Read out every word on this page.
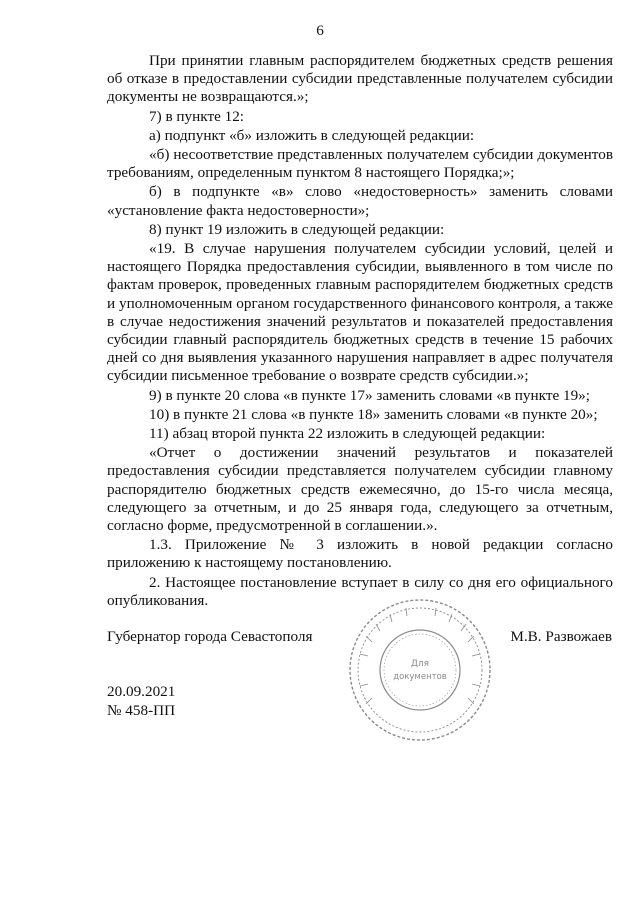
6

При принятии главным распорядителем бюджетных средств решения об отказе в предоставлении субсидии представленные получателем субсидии документы не возвращаются.»;

7) в пункте 12:

а) подпункт «б» изложить в следующей редакции:

«б) несоответствие представленных получателем субсидии документов требованиям, определенным пунктом 8 настоящего Порядка;»;

б) в подпункте «в» слово «недостоверность» заменить словами «установление факта недостоверности»;

8) пункт 19 изложить в следующей редакции:

«19. В случае нарушения получателем субсидии условий, целей и настоящего Порядка предоставления субсидии, выявленного в том числе по фактам проверок, проведенных главным распорядителем бюджетных средств и уполномоченным органом государственного финансового контроля, а также в случае недостижения значений результатов и показателей предоставления субсидии главный распорядитель бюджетных средств в течение 15 рабочих дней со дня выявления указанного нарушения направляет в адрес получателя субсидии письменное требование о возврате средств субсидии.»;

9) в пункте 20 слова «в пункте 17» заменить словами «в пункте 19»;

10) в пункте 21 слова «в пункте 18» заменить словами «в пункте 20»;

11) абзац второй пункта 22 изложить в следующей редакции:

«Отчет о достижении значений результатов и показателей предоставления субсидии представляется получателем субсидии главному распорядителю бюджетных средств ежемесячно, до 15-го числа месяца, следующего за отчетным, и до 25 января года, следующего за отчетным, согласно форме, предусмотренной в соглашении.».

1.3. Приложение № 3 изложить в новой редакции согласно приложению к настоящему постановлению.

2. Настоящее постановление вступает в силу со дня его официального опубликования.

Для
документов
Губернатор города Севастополя	М.В. Развожаев
20.09.2021
№ 458-ПП
